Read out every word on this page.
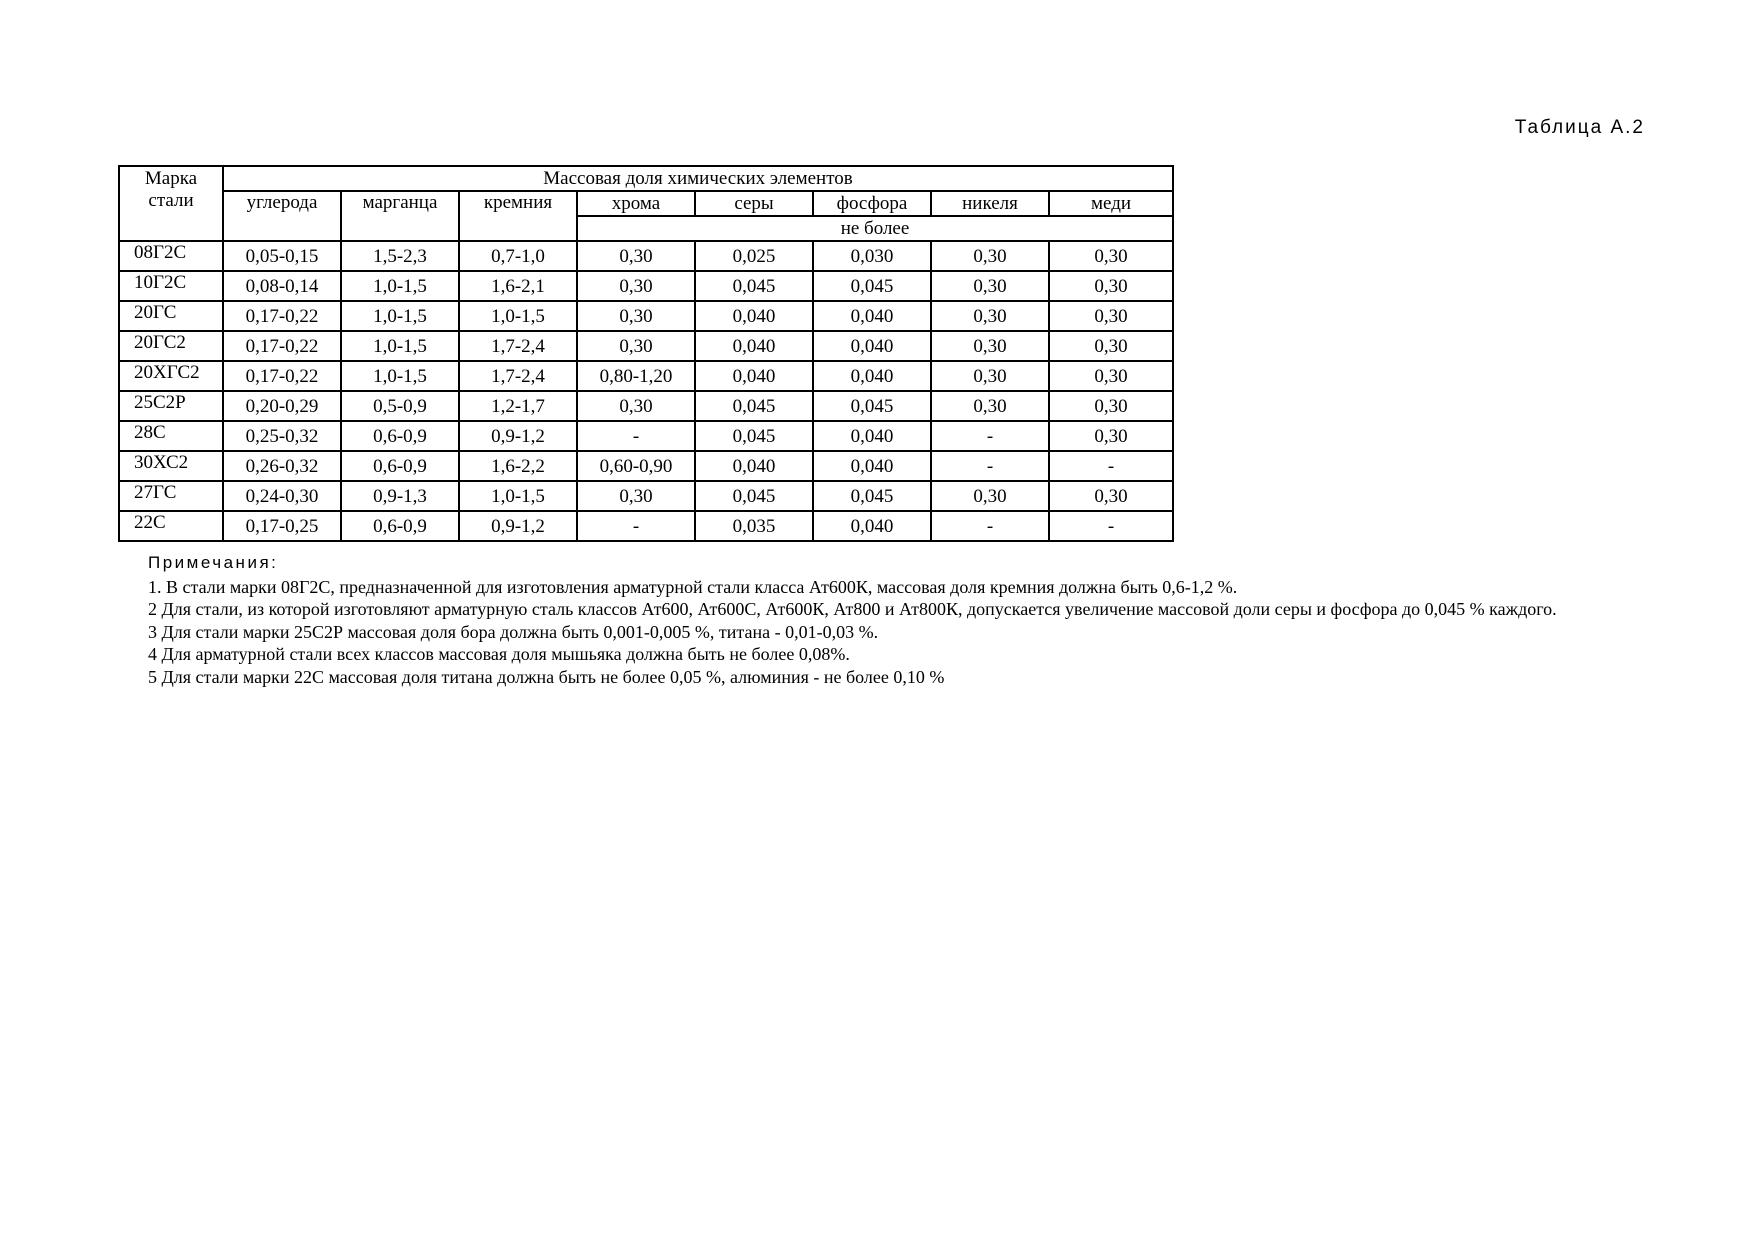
Таблица А.2
Марка
стали	Массовая доля химических элементов							
	углерода	марганца	кремния	хрома	серы	фосфора	никеля	меди
				не более				
08Г2С	0,05-0,15	1,5-2,3	0,7-1,0	0,30	0,025	0,030	0,30	0,30
10Г2С	0,08-0,14	1,0-1,5	1,6-2,1	0,30	0,045	0,045	0,30	0,30
20ГС	0,17-0,22	1,0-1,5	1,0-1,5	0,30	0,040	0,040	0,30	0,30
20ГС2	0,17-0,22	1,0-1,5	1,7-2,4	0,30	0,040	0,040	0,30	0,30
20ХГС2	0,17-0,22	1,0-1,5	1,7-2,4	0,80-1,20	0,040	0,040	0,30	0,30
25С2Р	0,20-0,29	0,5-0,9	1,2-1,7	0,30	0,045	0,045	0,30	0,30
28С	0,25-0,32	0,6-0,9	0,9-1,2	-	0,045	0,040	-	0,30
30ХС2	0,26-0,32	0,6-0,9	1,6-2,2	0,60-0,90	0,040	0,040	-	-
27ГС	0,24-0,30	0,9-1,3	1,0-1,5	0,30	0,045	0,045	0,30	0,30
22С	0,17-0,25	0,6-0,9	0,9-1,2	-	0,035	0,040	-	-
Примечания:
1. В стали марки 08Г2С, предназначенной для изготовления арматурной стали класса Ат600К, массовая доля кремния должна быть 0,6-1,2 %.
2 Для стали, из которой изготовляют арматурную сталь классов Ат600, Ат600С, Ат600К, Ат800 и Ат800К, допускается увеличение массовой доли серы и фосфора до 0,045 % каждого.
3 Для стали марки 25С2Р массовая доля бора должна быть 0,001-0,005 %, титана - 0,01-0,03 %.
4 Для арматурной стали всех классов массовая доля мышьяка должна быть не более 0,08%.
5 Для стали марки 22С массовая доля титана должна быть не более 0,05 %, алюминия - не более 0,10 %
